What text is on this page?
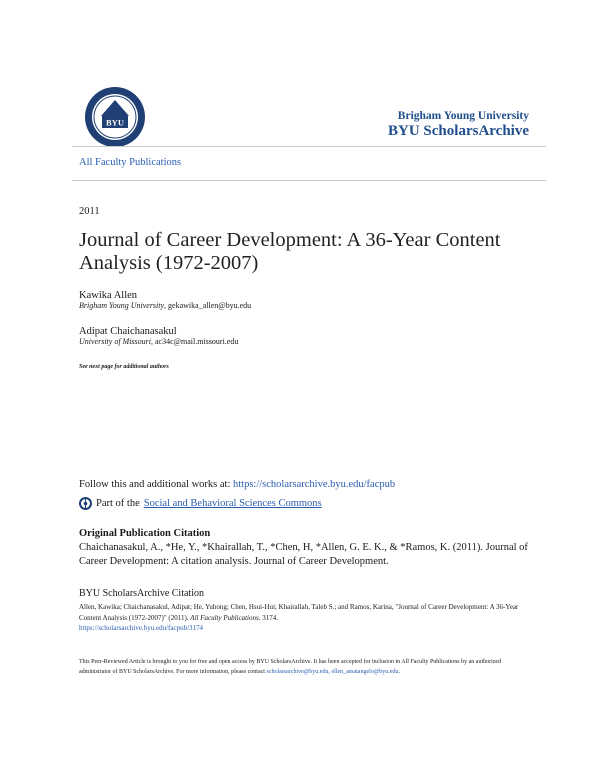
BYU
Brigham Young University
BYU ScholarsArchive
All Faculty Publications
2011
Journal of Career Development: A 36-Year Content Analysis (1972-2007)
Kawika Allen
Brigham Young University, gekawika_allen@byu.edu
Adipat Chaichanasakul
University of Missouri, ac34c@mail.missouri.edu
See next page for additional authors
Follow this and additional works at: https://scholarsarchive.byu.edu/facpub
Part of the Social and Behavioral Sciences Commons
Original Publication Citation
Chaichanasakul, A., *He, Y., *Khairallah, T., *Chen, H, *Allen, G. E. K., & *Ramos, K. (2011). Journal of Career Development: A citation analysis. Journal of Career Development.
BYU ScholarsArchive Citation
Allen, Kawika; Chaichanasakul, Adipat; He, Yuhong; Chen, Hsui-Hui; Khairallah, Taleb S.; and Ramos, Karina, "Journal of Career Development: A 36-Year Content Analysis (1972-2007)" (2011). All Faculty Publications. 3174.
https://scholarsarchive.byu.edu/facpub/3174
This Peer-Reviewed Article is brought to you for free and open access by BYU ScholarsArchive. It has been accepted for inclusion in All Faculty Publications by an authorized administrator of BYU ScholarsArchive. For more information, please contact scholarsarchive@byu.edu, ellen_amatangelo@byu.edu.
